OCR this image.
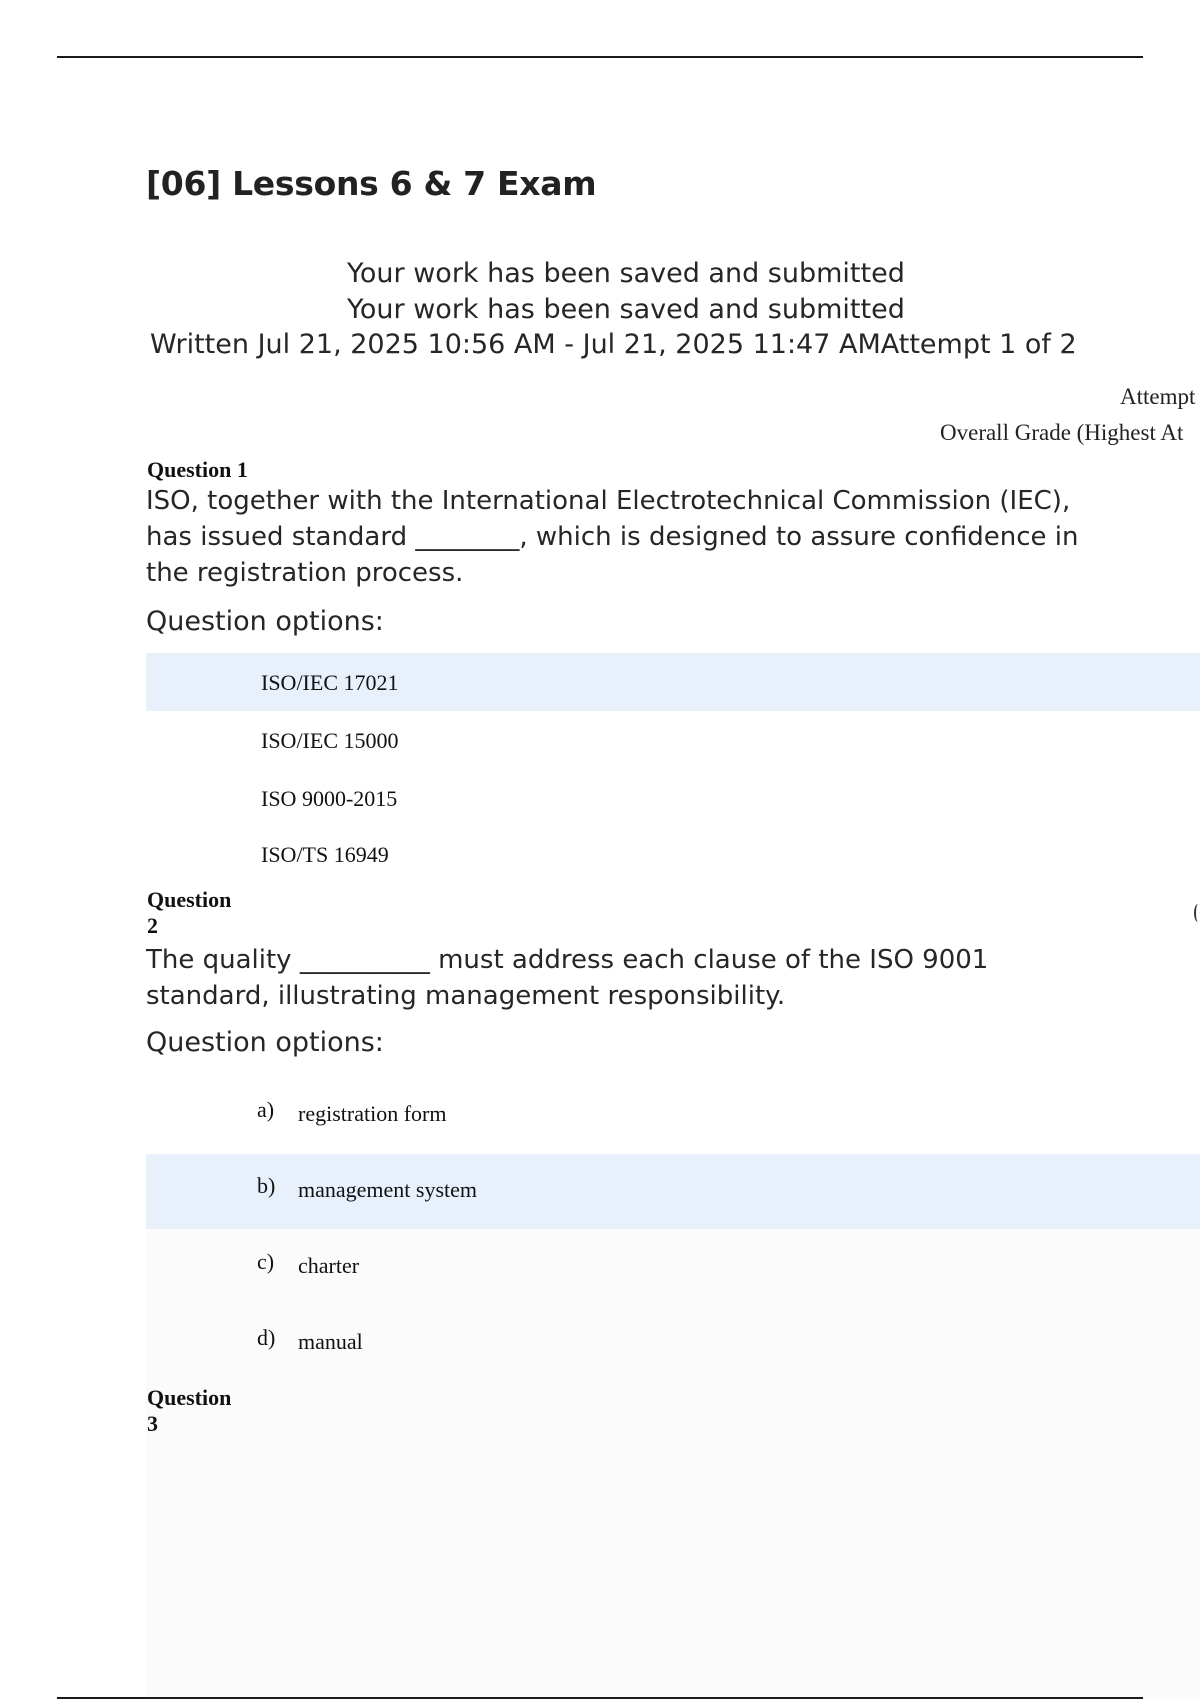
[06] Lessons 6 & 7 Exam
Your work has been saved and submitted
Your work has been saved and submitted
Written Jul 21, 2025 10:56 AM - Jul 21, 2025 11:47 AMAttempt 1 of 2
Attempt
Overall Grade (Highest At
Question 1
ISO, together with the International Electrotechnical Commission (IEC), has issued standard ________, which is designed to assure confidence in the registration process.
Question options:
ISO/IEC 17021
ISO/IEC 15000
ISO 9000-2015
ISO/TS 16949
Question
2
The quality __________ must address each clause of the ISO 9001 standard, illustrating management responsibility.
Question options:
a) registration form
b) management system
c) charter
d) manual
Question
3
